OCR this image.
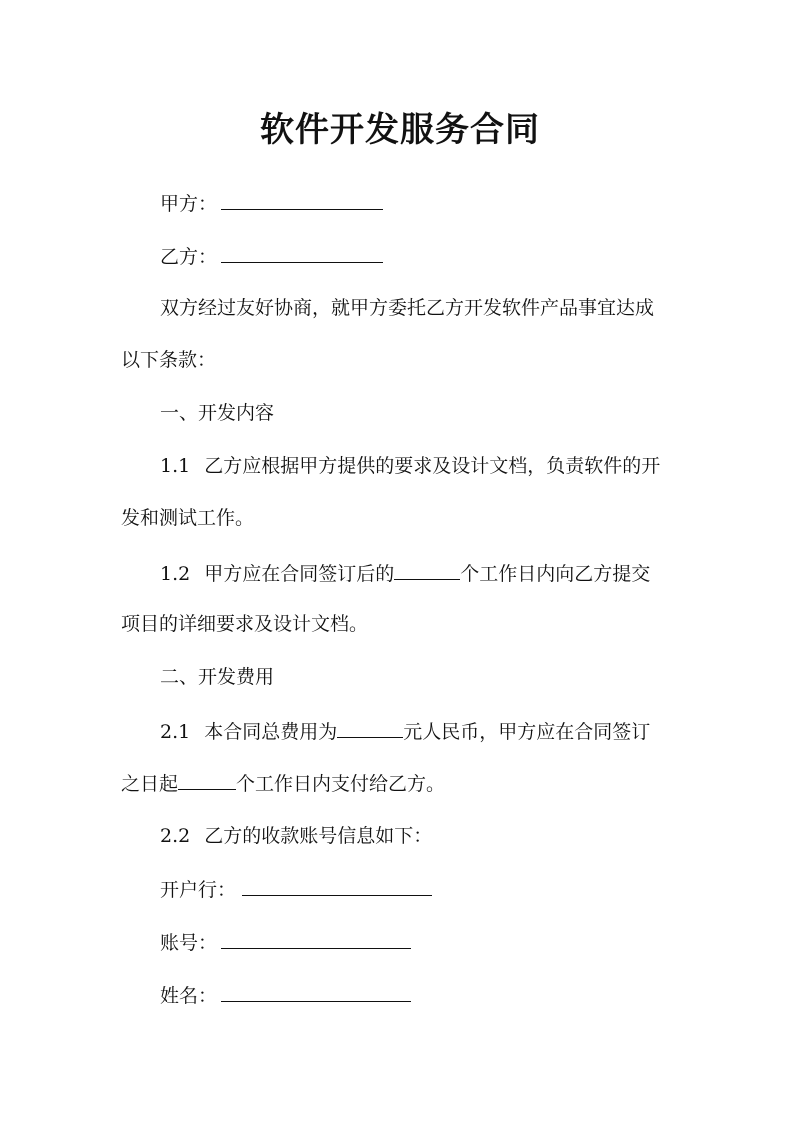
软件开发服务合同
甲方：
乙方：
双方经过友好协商，就甲方委托乙方开发软件产品事宜达成
以下条款：
一、开发内容
1.1 乙方应根据甲方提供的要求及设计文档，负责软件的开
发和测试工作。
1.2 甲方应在合同签订后的	个工作日内向乙方提交
项目的详细要求及设计文档。
二、开发费用
2.1 本合同总费用为	元人民币，甲方应在合同签订
之日起	个工作日内支付给乙方。
2.2 乙方的收款账号信息如下：
开户行：
账号：
姓名：
